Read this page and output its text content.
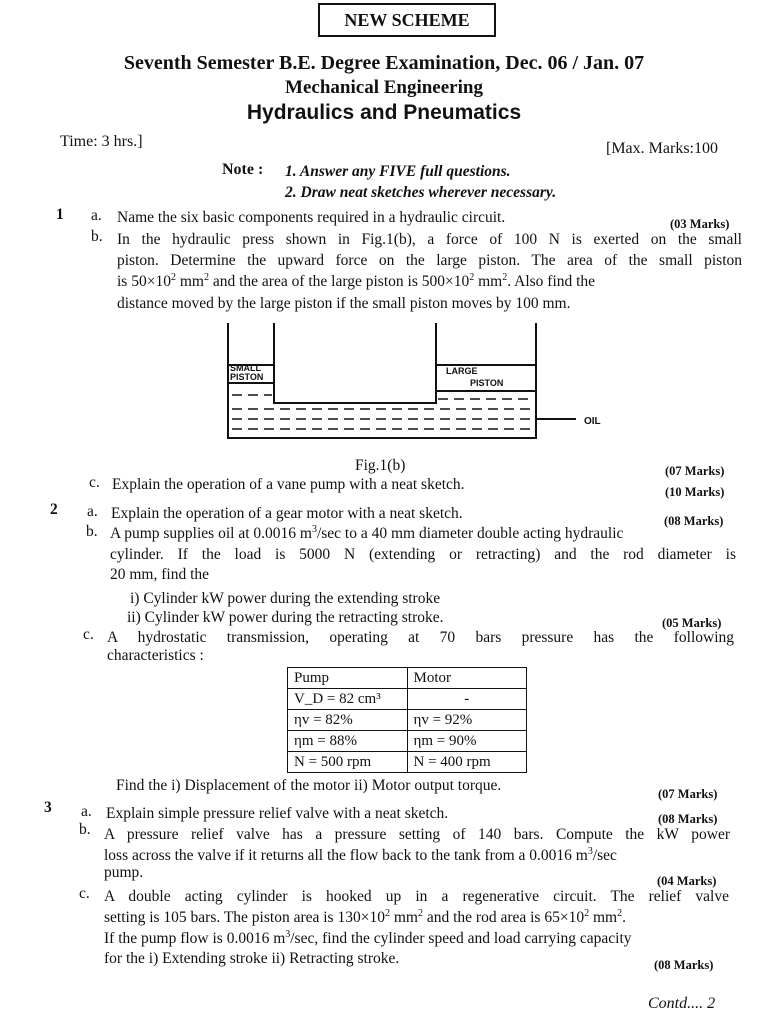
NEW SCHEME
Seventh Semester B.E. Degree Examination, Dec. 06 / Jan. 07
Mechanical Engineering
Hydraulics and Pneumatics
Time: 3 hrs.]	[Max. Marks:100
Note : 1. Answer any FIVE full questions.
2. Draw neat sketches wherever necessary.
1 a. Name the six basic components required in a hydraulic circuit.	(03 Marks)
b. In the hydraulic press shown in Fig.1(b), a force of 100 N is exerted on the small
piston. Determine the upward force on the large piston. The area of the small piston
is $50\times 10^2$ $mm^2$ and the area of the large piston is $500\times 10^2$ $mm^2$. Also find the
distance moved by the large piston if the small piston moves by 100 mm.
SMALL
PISTON
LARGE
PISTON
OIL
Fig.1(b)	(07 Marks)
c. Explain the operation of a vane pump with a neat sketch.	(10 Marks)
2 a. Explain the operation of a gear motor with a neat sketch.	(08 Marks)
b. A pump supplies oil at 0.0016 $m^3/\sec$ to a 40 mm diameter double acting hydraulic
cylinder. If the load is 5000 N (extending or retracting) and the rod diameter is
20 mm, find the
i) Cylinder kW power during the extending stroke
ii) Cylinder kW power during the retracting stroke.	(05 Marks)
c. A hydrostatic transmission, operating at 70 bars pressure has the following
characteristics :
Pump	Motor
V_D = 82 cm³	-
ηv = 82%	ηv = 92%
ηm = 88%	ηm = 90%
N = 500 rpm	N = 400 rpm
Find the i) Displacement of the motor ii) Motor output torque.	(07 Marks)
3 a. Explain simple pressure relief valve with a neat sketch.	(08 Marks)
b. A pressure relief valve has a pressure setting of 140 bars. Compute the kW power
loss across the valve if it returns all the flow back to the tank from a 0.0016 $m^3/\sec$
pump.	(04 Marks)
c. A double acting cylinder is hooked up in a regenerative circuit. The relief valve
setting is 105 bars. The piston area is $130\times 10^2$ $mm^2$ and the rod area is $65\times 10^2$ $mm^2$.
If the pump flow is 0.0016 $m^3/\sec$, find the cylinder speed and load carrying capacity
for the i) Extending stroke ii) Retracting stroke.	(08 Marks)
Contd.... 2
